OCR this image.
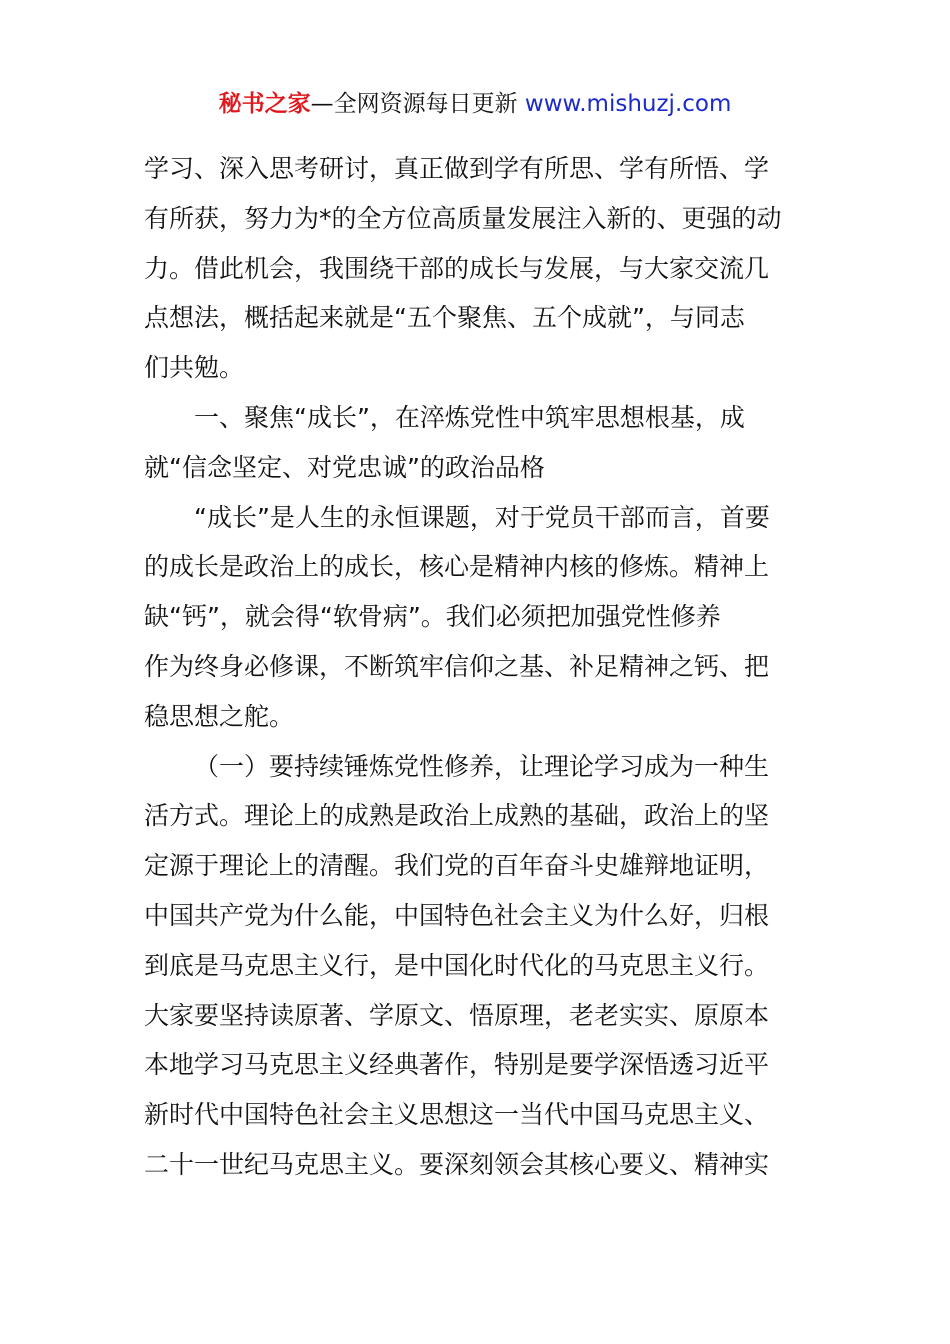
秘书之家—全网资源每日更新 www.mishuzj.com
学习、深入思考研讨，真正做到学有所思、学有所悟、学
有所获，努力为*的全方位高质量发展注入新的、更强的动
力。借此机会，我围绕干部的成长与发展，与大家交流几
点想法，概括起来就是“五个聚焦、五个成就”，与同志
们共勉。
一、聚焦“成长”，在淬炼党性中筑牢思想根基，成
就“信念坚定、对党忠诚”的政治品格
“成长”是人生的永恒课题，对于党员干部而言，首要
的成长是政治上的成长，核心是精神内核的修炼。精神上
缺“钙”，就会得“软骨病”。我们必须把加强党性修养
作为终身必修课，不断筑牢信仰之基、补足精神之钙、把
稳思想之舵。
（一）要持续锤炼党性修养，让理论学习成为一种生
活方式。理论上的成熟是政治上成熟的基础，政治上的坚
定源于理论上的清醒。我们党的百年奋斗史雄辩地证明，
中国共产党为什么能，中国特色社会主义为什么好，归根
到底是马克思主义行，是中国化时代化的马克思主义行。
大家要坚持读原著、学原文、悟原理，老老实实、原原本
本地学习马克思主义经典著作，特别是要学深悟透习近平
新时代中国特色社会主义思想这一当代中国马克思主义、
二十一世纪马克思主义。要深刻领会其核心要义、精神实
